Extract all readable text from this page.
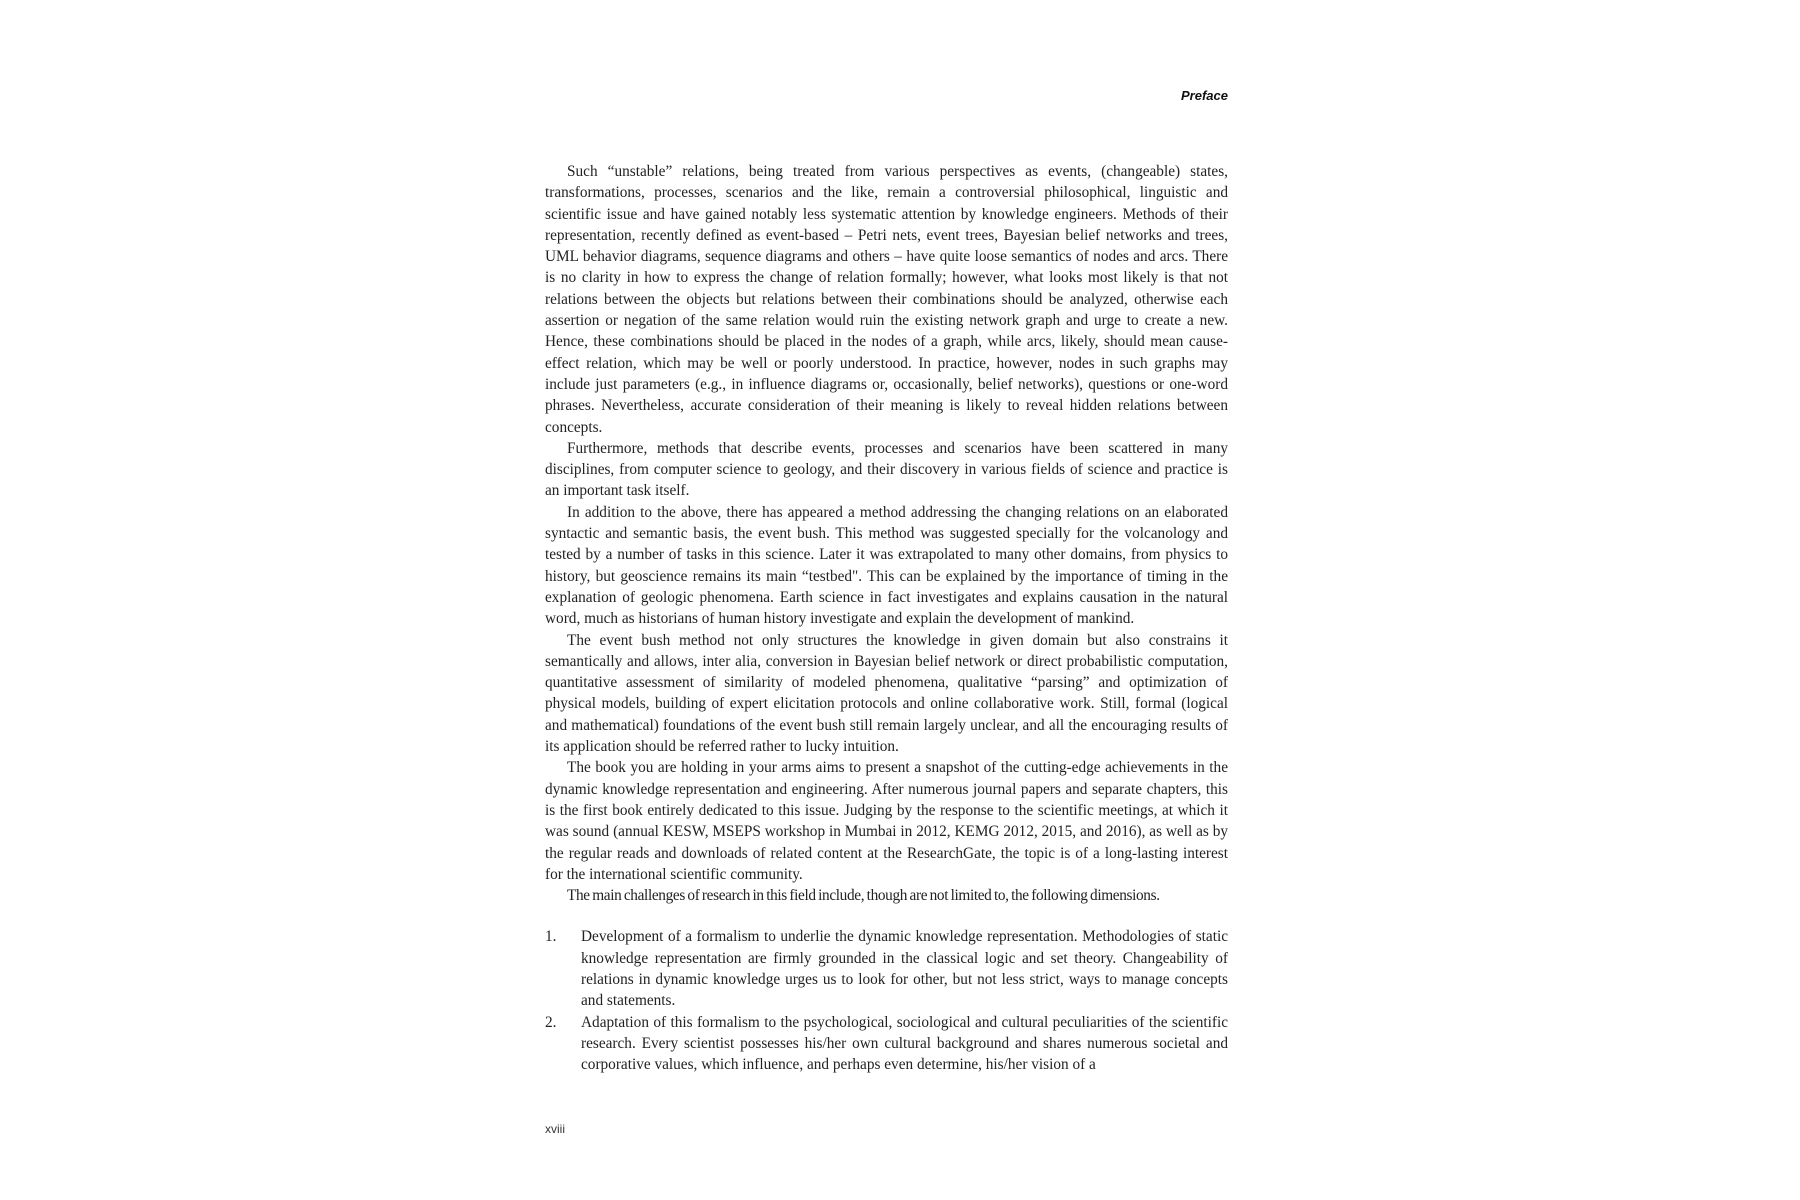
Preface

Such “unstable” relations, being treated from various perspectives as events, (changeable) states, transformations, processes, scenarios and the like, remain a controversial philosophical, linguistic and scientific issue and have gained notably less systematic attention by knowledge engineers. Methods of their representation, recently defined as event-based – Petri nets, event trees, Bayesian belief networks and trees, UML behavior diagrams, sequence diagrams and others – have quite loose semantics of nodes and arcs. There is no clarity in how to express the change of relation formally; however, what looks most likely is that not relations between the objects but relations between their combinations should be analyzed, otherwise each assertion or negation of the same relation would ruin the existing network graph and urge to create a new. Hence, these combinations should be placed in the nodes of a graph, while arcs, likely, should mean cause-effect relation, which may be well or poorly understood. In practice, however, nodes in such graphs may include just parameters (e.g., in influence diagrams or, occasionally, belief networks), questions or one-word phrases. Nevertheless, accurate consideration of their meaning is likely to reveal hidden relations between concepts.

Furthermore, methods that describe events, processes and scenarios have been scattered in many disciplines, from computer science to geology, and their discovery in various fields of science and practice is an important task itself.

In addition to the above, there has appeared a method addressing the changing relations on an elaborated syntactic and semantic basis, the event bush. This method was suggested specially for the volcanology and tested by a number of tasks in this science. Later it was extrapolated to many other domains, from physics to history, but geoscience remains its main “testbed". This can be explained by the importance of timing in the explanation of geologic phenomena. Earth science in fact investigates and explains causation in the natural word, much as historians of human history investigate and explain the development of mankind.

The event bush method not only structures the knowledge in given domain but also constrains it semantically and allows, inter alia, conversion in Bayesian belief network or direct probabilistic computation, quantitative assessment of similarity of modeled phenomena, qualitative “parsing” and optimization of physical models, building of expert elicitation protocols and online collaborative work. Still, formal (logical and mathematical) foundations of the event bush still remain largely unclear, and all the encouraging results of its application should be referred rather to lucky intuition.

The book you are holding in your arms aims to present a snapshot of the cutting-edge achievements in the dynamic knowledge representation and engineering. After numerous journal papers and separate chapters, this is the first book entirely dedicated to this issue. Judging by the response to the scientific meetings, at which it was sound (annual KESW, MSEPS workshop in Mumbai in 2012, KEMG 2012, 2015, and 2016), as well as by the regular reads and downloads of related content at the ResearchGate, the topic is of a long-lasting interest for the international scientific community.

The main challenges of research in this field include, though are not limited to, the following dimensions.

1. Development of a formalism to underlie the dynamic knowledge representation. Methodologies of static knowledge representation are firmly grounded in the classical logic and set theory. Changeability of relations in dynamic knowledge urges us to look for other, but not less strict, ways to manage concepts and statements.
2. Adaptation of this formalism to the psychological, sociological and cultural peculiarities of the scientific research. Every scientist possesses his/her own cultural background and shares numerous societal and corporative values, which influence, and perhaps even determine, his/her vision of a
xviii
